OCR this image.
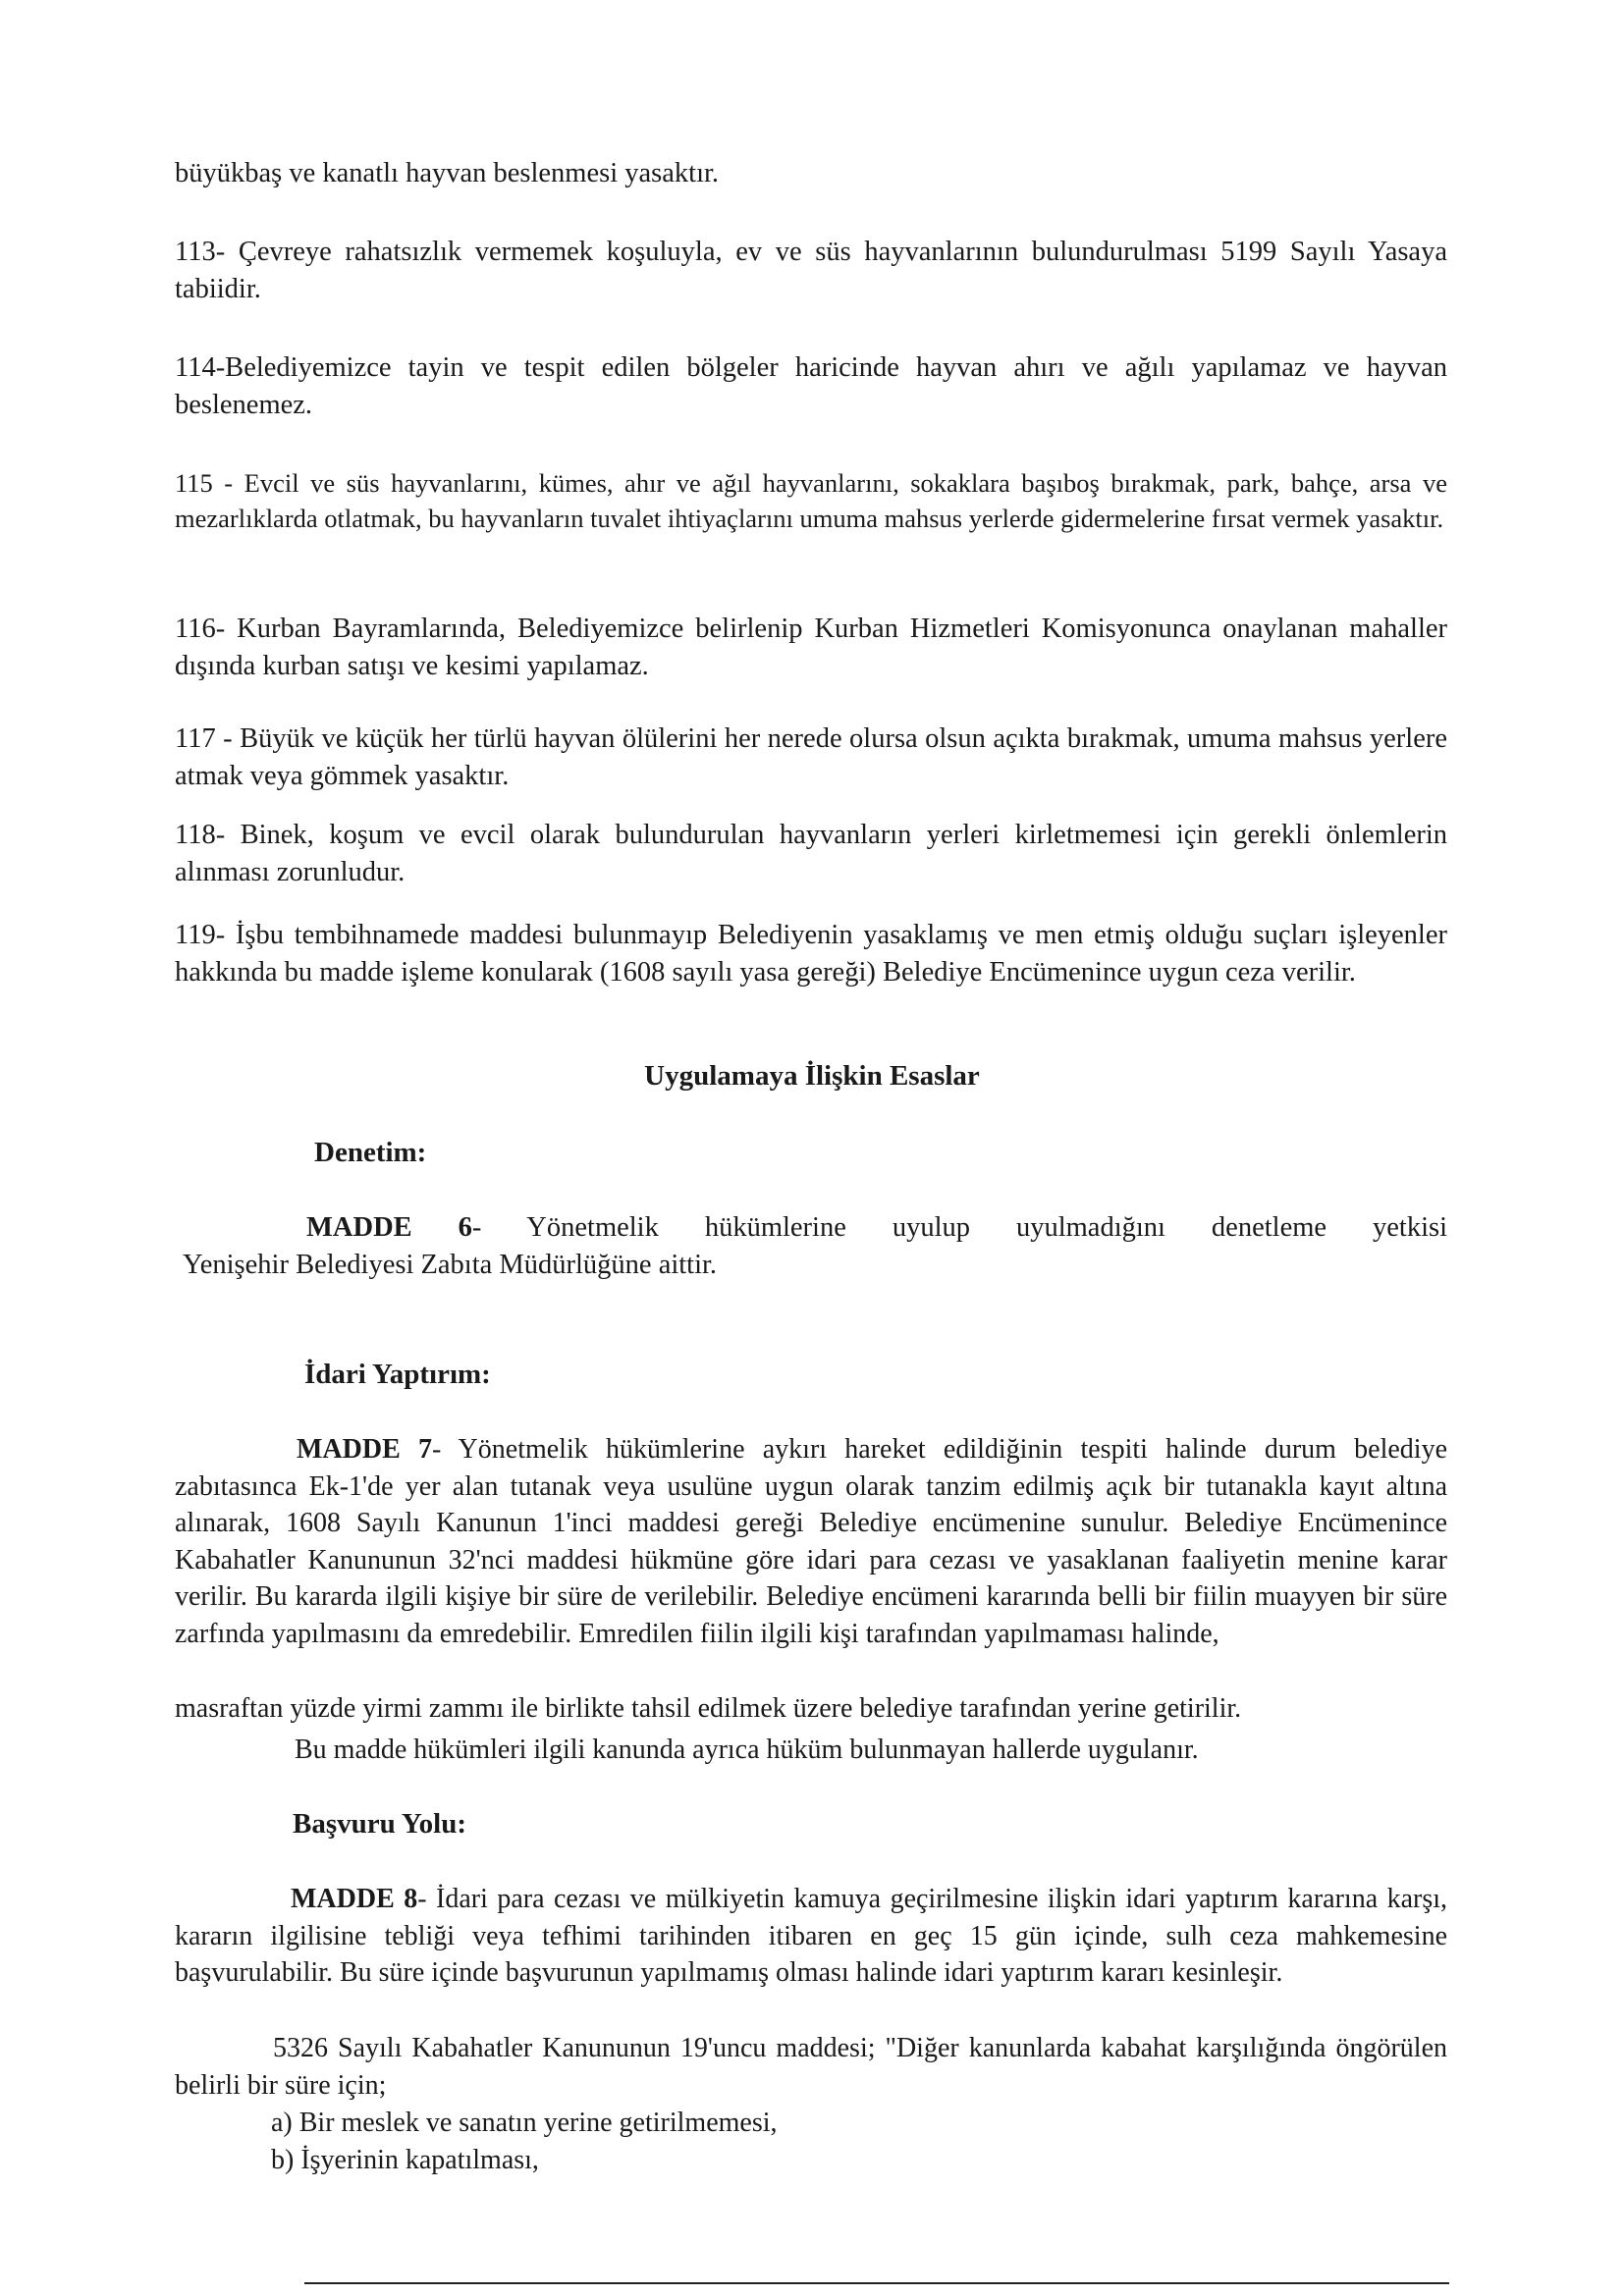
büyükbaş ve kanatlı hayvan beslenmesi yasaktır.

113- Çevreye rahatsızlık vermemek koşuluyla, ev ve süs hayvanlarının bulundurulması 5199 Sayılı Yasaya tabiidir.

114-Belediyemizce tayin ve tespit edilen bölgeler haricinde hayvan ahırı ve ağılı yapılamaz ve hayvan beslenemez.

115 - Evcil ve süs hayvanlarını, kümes, ahır ve ağıl hayvanlarını, sokaklara başıboş bırakmak, park, bahçe, arsa ve mezarlıklarda otlatmak, bu hayvanların tuvalet ihtiyaçlarını umuma mahsus yerlerde gidermelerine fırsat vermek yasaktır.

116- Kurban Bayramlarında, Belediyemizce belirlenip Kurban Hizmetleri Komisyonunca onaylanan mahaller dışında kurban satışı ve kesimi yapılamaz.

117 - Büyük ve küçük her türlü hayvan ölülerini her nerede olursa olsun açıkta bırakmak, umuma mahsus yerlere atmak veya gömmek yasaktır.

118- Binek, koşum ve evcil olarak bulundurulan hayvanların yerleri kirletmemesi için gerekli önlemlerin alınması zorunludur.

119- İşbu tembihnamede maddesi bulunmayıp Belediyenin yasaklamış ve men etmiş olduğu suçları işleyenler hakkında bu madde işleme konularak (1608 sayılı yasa gereği) Belediye Encümenince uygun ceza verilir.

Uygulamaya İlişkin Esaslar
Denetim:

MADDE 6- Yönetmelik hükümlerine uyulup uyulmadığını denetleme yetkisi

Yenişehir Belediyesi Zabıta Müdürlüğüne aittir.

İdari Yaptırım:

MADDE 7- Yönetmelik hükümlerine aykırı hareket edildiğinin tespiti halinde durum belediye zabıtasınca Ek-1'de yer alan tutanak veya usulüne uygun olarak tanzim edilmiş açık bir tutanakla kayıt altına alınarak, 1608 Sayılı Kanunun 1'inci maddesi gereği Belediye encümenine sunulur. Belediye Encümenince Kabahatler Kanununun 32'nci maddesi hükmüne göre idari para cezası ve yasaklanan faaliyetin menine karar verilir. Bu kararda ilgili kişiye bir süre de verilebilir. Belediye encümeni kararında belli bir fiilin muayyen bir süre zarfında yapılmasını da emredebilir. Emredilen fiilin ilgili kişi tarafından yapılmaması halinde,

masraftan yüzde yirmi zammı ile birlikte tahsil edilmek üzere belediye tarafından yerine getirilir.

Bu madde hükümleri ilgili kanunda ayrıca hüküm bulunmayan hallerde uygulanır.

Başvuru Yolu:

MADDE 8- İdari para cezası ve mülkiyetin kamuya geçirilmesine ilişkin idari yaptırım kararına karşı, kararın ilgilisine tebliği veya tefhimi tarihinden itibaren en geç 15 gün içinde, sulh ceza mahkemesine başvurulabilir. Bu süre içinde başvurunun yapılmamış olması halinde idari yaptırım kararı kesinleşir.

5326 Sayılı Kabahatler Kanununun 19'uncu maddesi; "Diğer kanunlarda kabahat karşılığında öngörülen belirli bir süre için;

a) Bir meslek ve sanatın yerine getirilmemesi,

b) İşyerinin kapatılması,
